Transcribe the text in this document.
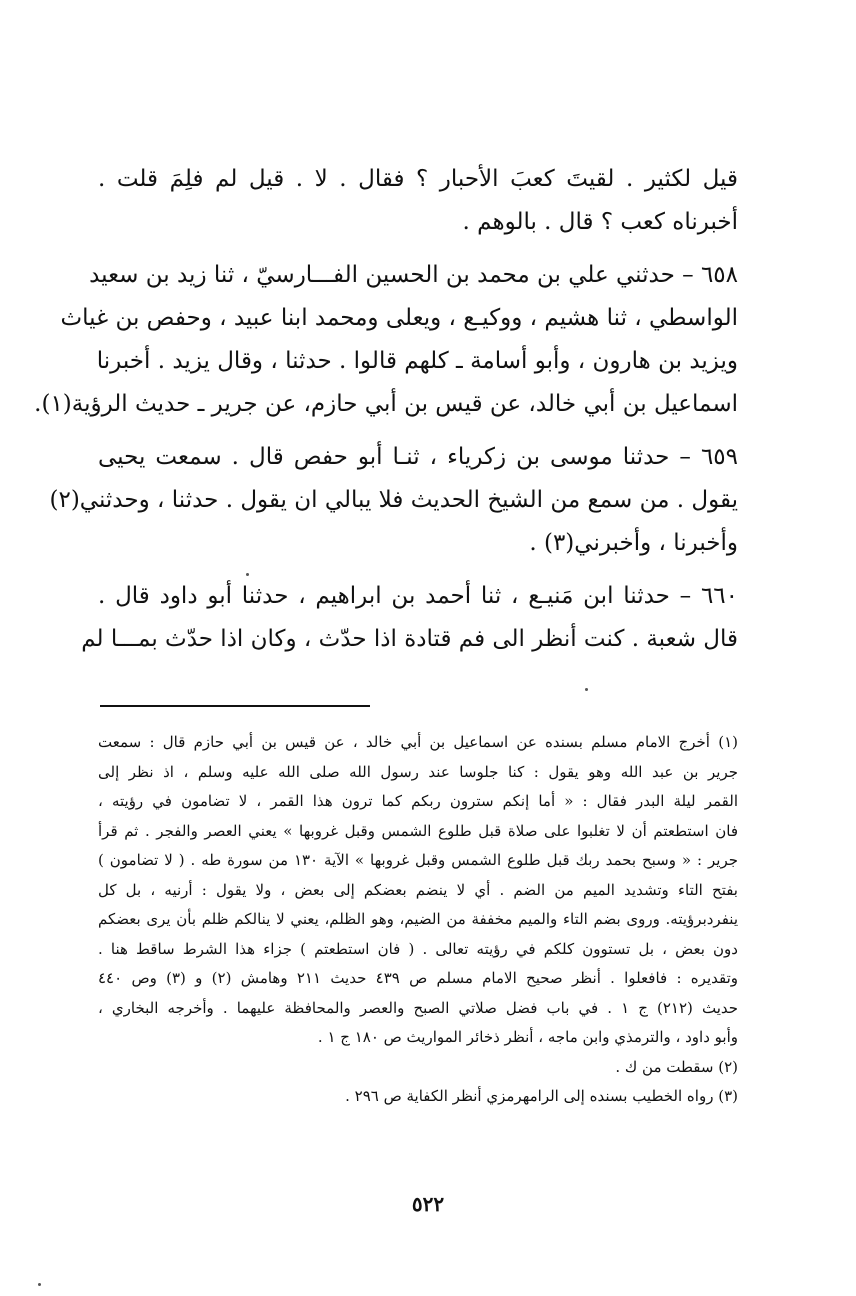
قيل لكثير . لقيتَ كعبَ الأحبار ؟ فقال . لا . قيل لم فلِمَ قلت .
أخبرناه كعب ؟ قال . بالوهم .
٦٥٨ – حدثني علي بن محمد بن الحسين الفـــارسيّ ، ثنا زيد بن سعيد
الواسطي ، ثنا هشيم ، ووكيـع ، ويعلى ومحمد ابنا عبيد ، وحفص بن غياث
ويزيد بن هارون ، وأبو أسامة ـ كلهم قالوا . حدثنا ، وقال يزيد . أخبرنا
اسماعيل بن أبي خالد، عن قيس بن أبي حازم، عن جرير ـ حديث الرؤية(١).
٦٥٩ – حدثنا موسى بن زكرياء ، ثنـا أبو حفص قال . سمعت يحيى
يقول . من سمع من الشيخ الحديث فلا يبالي ان يقول . حدثنا ، وحدثني(٢)
وأخبرنا ، وأخبرني(٣) .
٦٦٠ – حدثنا ابن مَنيـع ، ثنا أحمد بن ابراهيم ، حدثنا أبو داود قال .
قال شعبة . كنت أنظر الى فم قتادة اذا حدّث ، وكان اذا حدّث بمـــا لم
(١) أخرج الامام مسلم بسنده عن اسماعيل بن أبي خالد ، عن قيس بن أبي حازم قال : سمعت
جرير بن عبد الله وهو يقول : كنا جلوسا عند رسول الله صلى الله عليه وسلم ، اذ نظر إلى
القمر ليلة البدر فقال : « أما إنكم سترون ربكم كما ترون هذا القمر ، لا تضامون في رؤيته ،
فان استطعتم أن لا تغلبوا على صلاة قبل طلوع الشمس وقبل غروبها » يعني العصر والفجر . ثم قرأ
جرير : « وسبح بحمد ربك قبل طلوع الشمس وقبل غروبها » الآية ١٣٠ من سورة طه . ( لا تضامون )
بفتح التاء وتشديد الميم من الضم . أي لا ينضم بعضكم إلى بعض ، ولا يقول : أرنيه ، بل كل
ينفردبرؤيته. وروى بضم التاء والميم مخففة من الضيم، وهو الظلم، يعني لا ينالكم ظلم بأن يرى بعضكم
دون بعض ، بل تستوون كلكم في رؤيته تعالى . ( فان استطعتم ) جزاء هذا الشرط ساقط هنا .
وتقديره : فافعلوا . أنظر صحيح الامام مسلم ص ٤٣٩ حديث ٢١١ وهامش (٢) و (٣) وص ٤٤٠
حديث (٢١٢) ج ١ . في باب فضل صلاتي الصبح والعصر والمحافظة عليهما . وأخرجه البخاري ،
وأبو داود ، والترمذي وابن ماجه ، أنظر ذخائر المواريث ص ١٨٠ ج ١ .
(٢) سقطت من ك .
(٣) رواه الخطيب بسنده إلى الرامهرمزي أنظر الكفاية ص ٢٩٦ .
٥٢٢
